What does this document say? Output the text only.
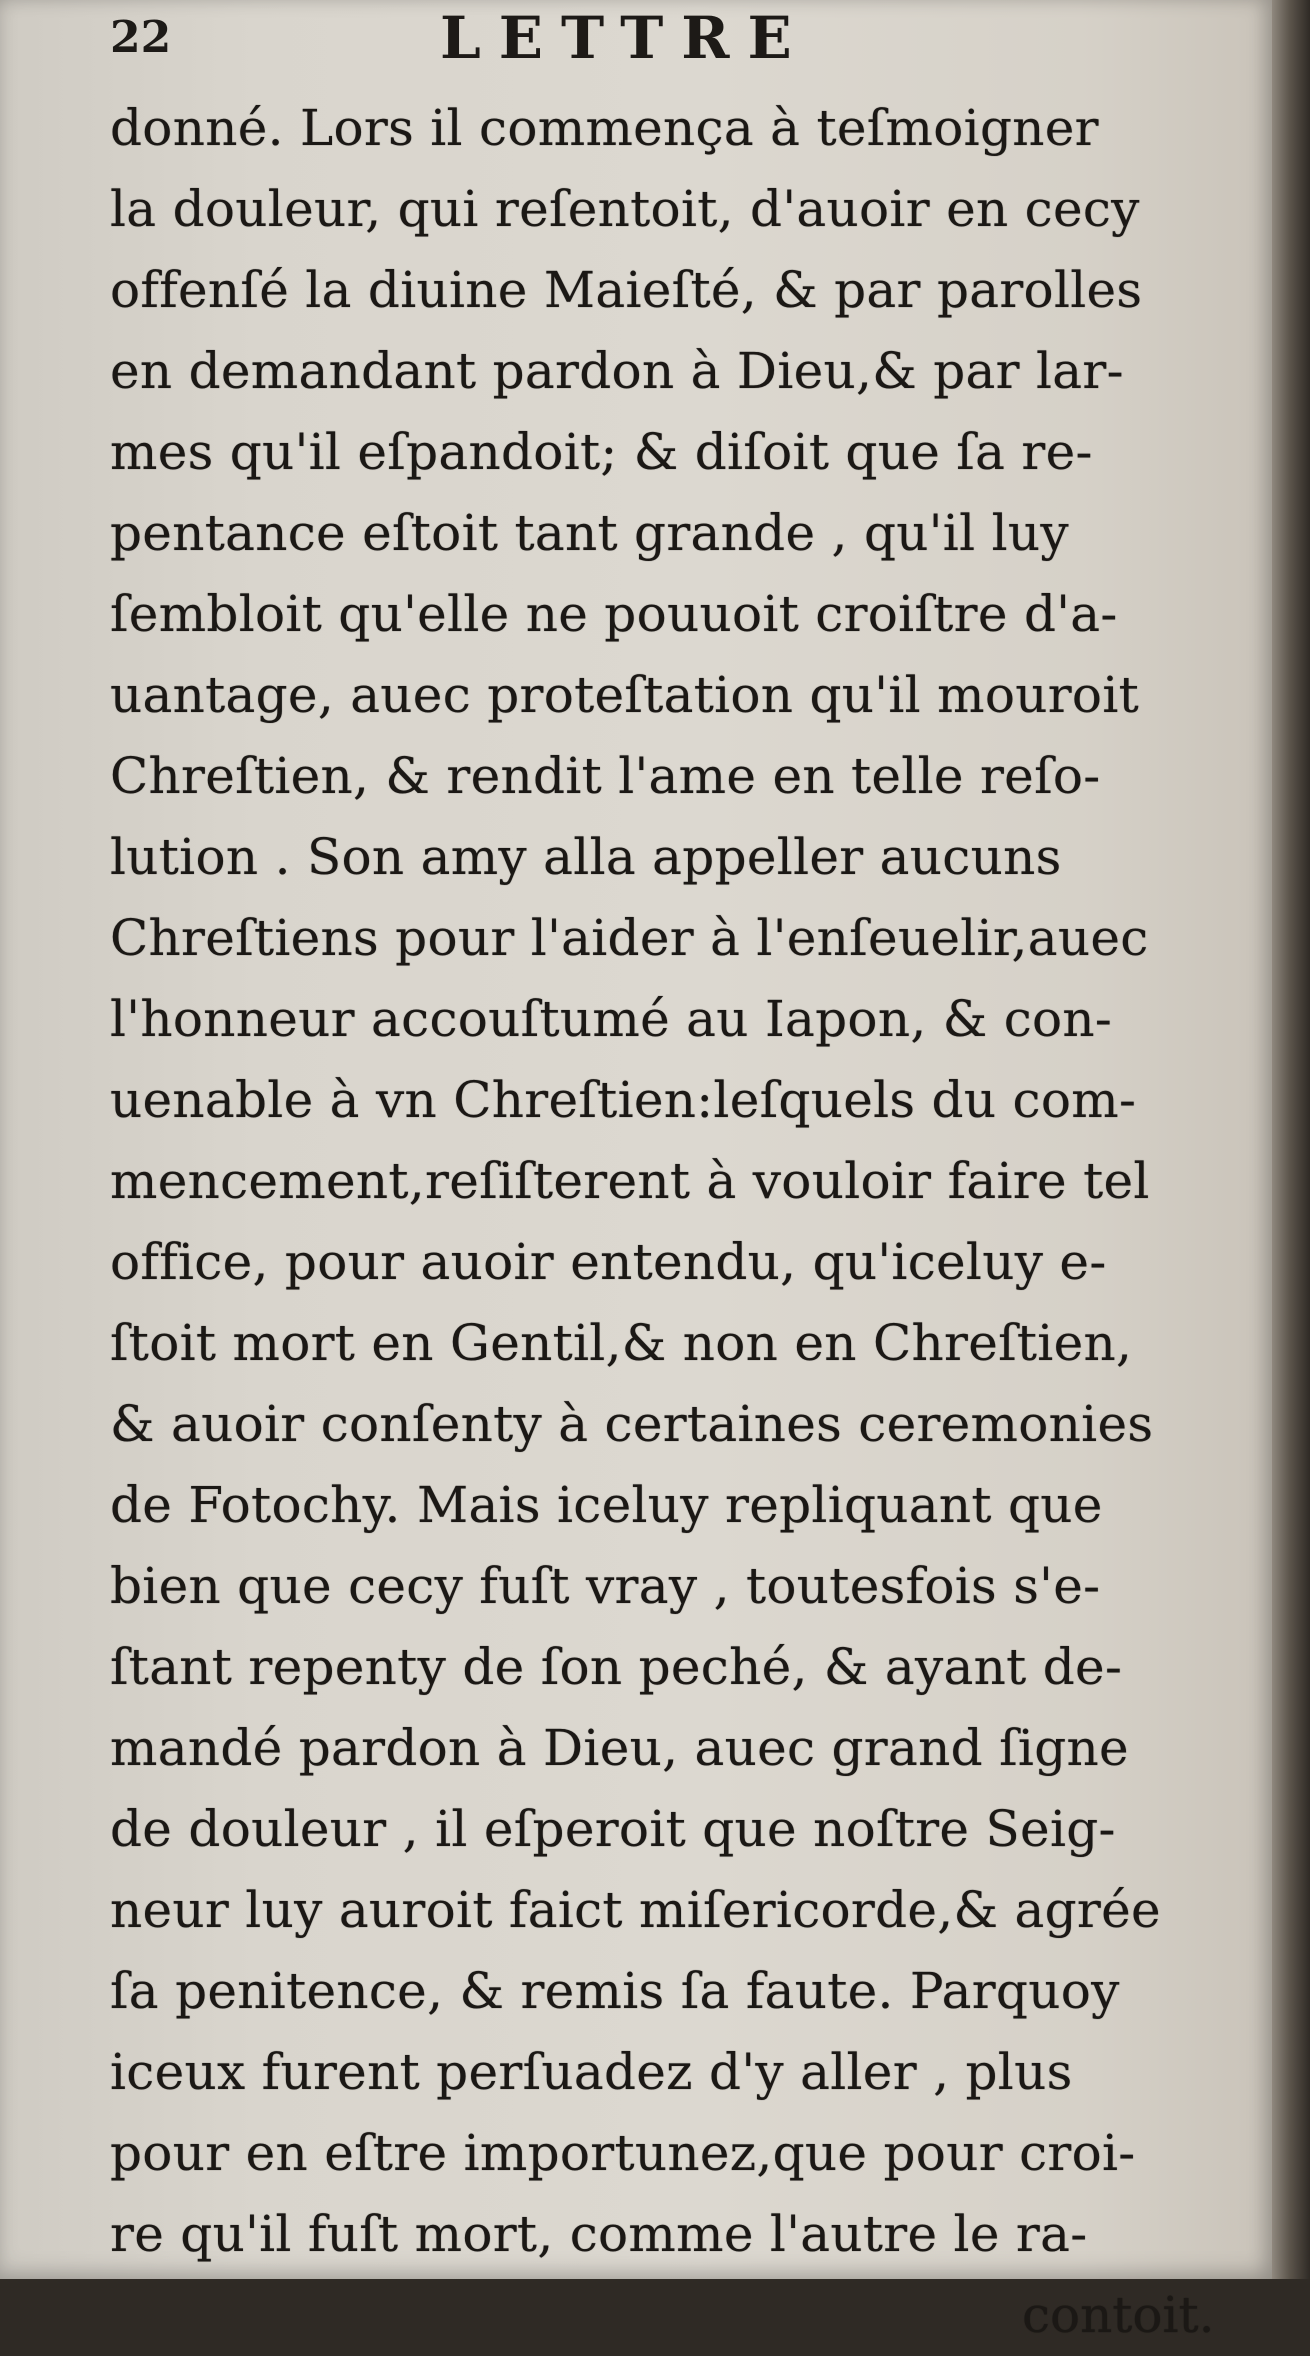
22	LETTRE
donné. Lors il commença à teſmoigner
la douleur, qui reſentoit, d'auoir en cecy
offenſé la diuine Maieſté, & par parolles
en demandant pardon à Dieu,& par lar-
mes qu'il eſpandoit; & diſoit que ſa re-
pentance eſtoit tant grande , qu'il luy
ſembloit qu'elle ne pouuoit croiſtre d'a-
uantage, auec proteſtation qu'il mouroit
Chreſtien, & rendit l'ame en telle reſo-
lution . Son amy alla appeller aucuns
Chreſtiens pour l'aider à l'enſeuelir,auec
l'honneur accouſtumé au Iapon, & con-
uenable à vn Chreſtien:leſquels du com-
mencement,reſiſterent à vouloir faire tel
office, pour auoir entendu, qu'iceluy e-
ſtoit mort en Gentil,& non en Chreſtien,
& auoir conſenty à certaines ceremonies
de Fotochy. Mais iceluy repliquant que
bien que cecy fuſt vray , toutesfois s'e-
ſtant repenty de ſon peché, & ayant de-
mandé pardon à Dieu, auec grand ſigne
de douleur , il eſperoit que noſtre Seig-
neur luy auroit faict miſericorde,& agrée
ſa penitence, & remis ſa faute. Parquoy
iceux furent perſuadez d'y aller , plus
pour en eſtre importunez,que pour croi-
re qu'il fuſt mort, comme l'autre le ra-
contoit.
